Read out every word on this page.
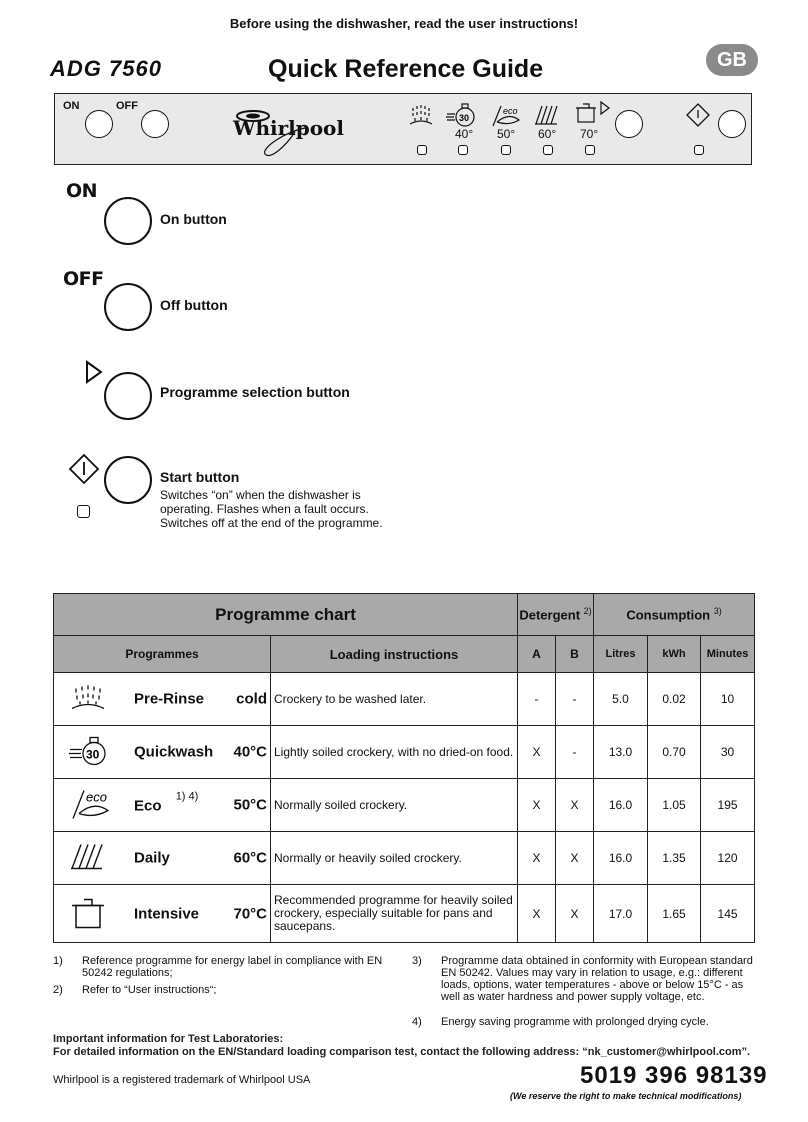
Before using the dishwasher, read the user instructions!
ADG 7560	Quick Reference Guide	GB
ON	OFF
Whirlpool	30
eco
40° 50° 60° 70°
ON
On button
OFF
Off button
Programme selection button
Start button
Switches “on” when the dishwasher is
operating. Flashes when a fault occurs.
Switches off at the end of the programme.
Programme chart		Detergent $^{2)}$		Consumption $^{3)}$
Programmes	Loading instructions	A	B	Litres	kWh	Minutes

Pre-Rinse cold	Crockery to be washed later.	-	-	5.0	0.02	10

30 Quickwash 40°C	Lightly soiled crockery, with no dried-on food.	X	-	13.0	0.70	30

eco
Eco $^{1) 4)}$ 50°C	Normally soiled crockery.	X	X	16.0	1.05	195

Daily 60°C	Normally or heavily soiled crockery.	X	X	16.0	1.35	120

Intensive 70°C	Recommended programme for heavily soiled crockery, especially suitable for pans and saucepans.	X	X	17.0	1.65	145
1) Reference programme for energy label in compliance with EN 50242 regulations;
2) Refer to “User instructions“;
3) Programme data obtained in conformity with European standard EN 50242. Values may vary in relation to usage, e.g.: different loads, options, water temperatures - above or below 15°C - as well as water hardness and power supply voltage, etc.
4) Energy saving programme with prolonged drying cycle.
Important information for Test Laboratories:
For detailed information on the EN/Standard loading comparison test, contact the following address: “nk_customer@whirlpool.com”.
Whirlpool is a registered trademark of Whirlpool USA	5019 396 98139
(We reserve the right to make technical modifications)
